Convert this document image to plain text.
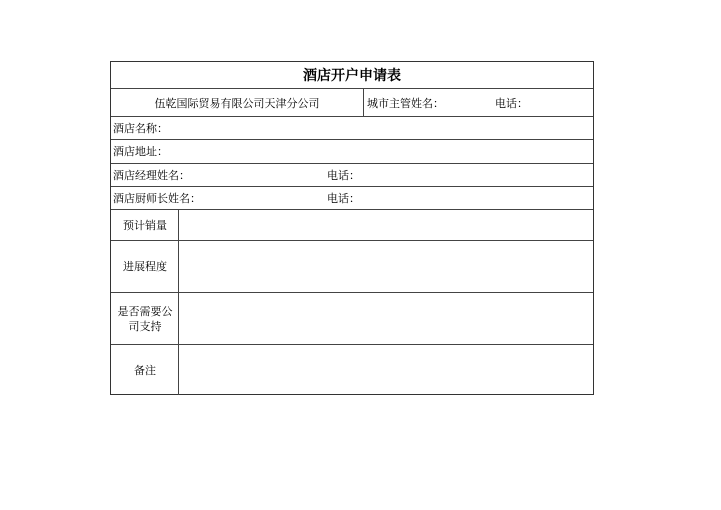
酒店开户申请表
伍乾国际贸易有限公司天津分公司	城市主管姓名：	电话：
酒店名称：
酒店地址：
酒店经理姓名：	电话：
酒店厨师长姓名：	电话：
预计销量
进展程度
是否需要公司支持
备注
